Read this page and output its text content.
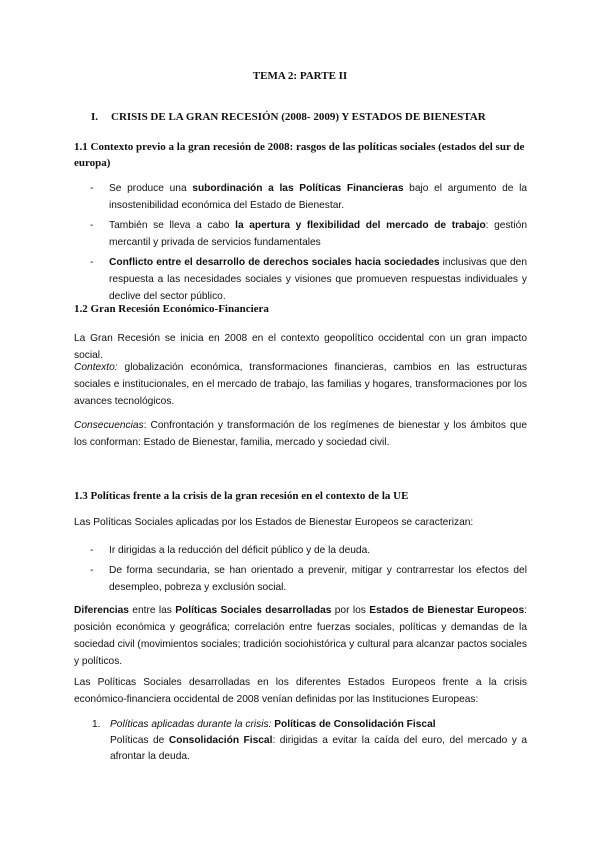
TEMA 2: PARTE II
I. CRISIS DE LA GRAN RECESIÓN (2008- 2009) Y ESTADOS DE BIENESTAR
1.1 Contexto previo a la gran recesión de 2008: rasgos de las políticas sociales (estados del sur de europa)
- Se produce una subordinación a las Políticas Financieras bajo el argumento de la insostenibilidad económica del Estado de Bienestar.
- También se lleva a cabo la apertura y flexibilidad del mercado de trabajo: gestión mercantil y privada de servicios fundamentales
- Conflicto entre el desarrollo de derechos sociales hacia sociedades inclusivas que den respuesta a las necesidades sociales y visiones que promueven respuestas individuales y declive del sector público.
1.2 Gran Recesión Económico-Financiera
La Gran Recesión se inicia en 2008 en el contexto geopolítico occidental con un gran impacto social.
Contexto: globalización económica, transformaciones financieras, cambios en las estructuras sociales e institucionales, en el mercado de trabajo, las familias y hogares, transformaciones por los avances tecnológicos.
Consecuencias: Confrontación y transformación de los regímenes de bienestar y los ámbitos que los conforman: Estado de Bienestar, familia, mercado y sociedad civil.
1.3 Políticas frente a la crisis de la gran recesión en el contexto de la UE
Las Políticas Sociales aplicadas por los Estados de Bienestar Europeos se caracterizan:
- Ir dirigidas a la reducción del déficit público y de la deuda.
- De forma secundaria, se han orientado a prevenir, mitigar y contrarrestar los efectos del desempleo, pobreza y exclusión social.
Diferencias entre las Políticas Sociales desarrolladas por los Estados de Bienestar Europeos: posición económica y geográfica; correlación entre fuerzas sociales, políticas y demandas de la sociedad civil (movimientos sociales; tradición sociohistórica y cultural para alcanzar pactos sociales y políticos.
Las Políticas Sociales desarrolladas en los diferentes Estados Europeos frente a la crisis económico-financiera occidental de 2008 venían definidas por las Instituciones Europeas:
1. Políticas aplicadas durante la crisis: Políticas de Consolidación Fiscal
Políticas de Consolidación Fiscal: dirigidas a evitar la caída del euro, del mercado y a afrontar la deuda.
